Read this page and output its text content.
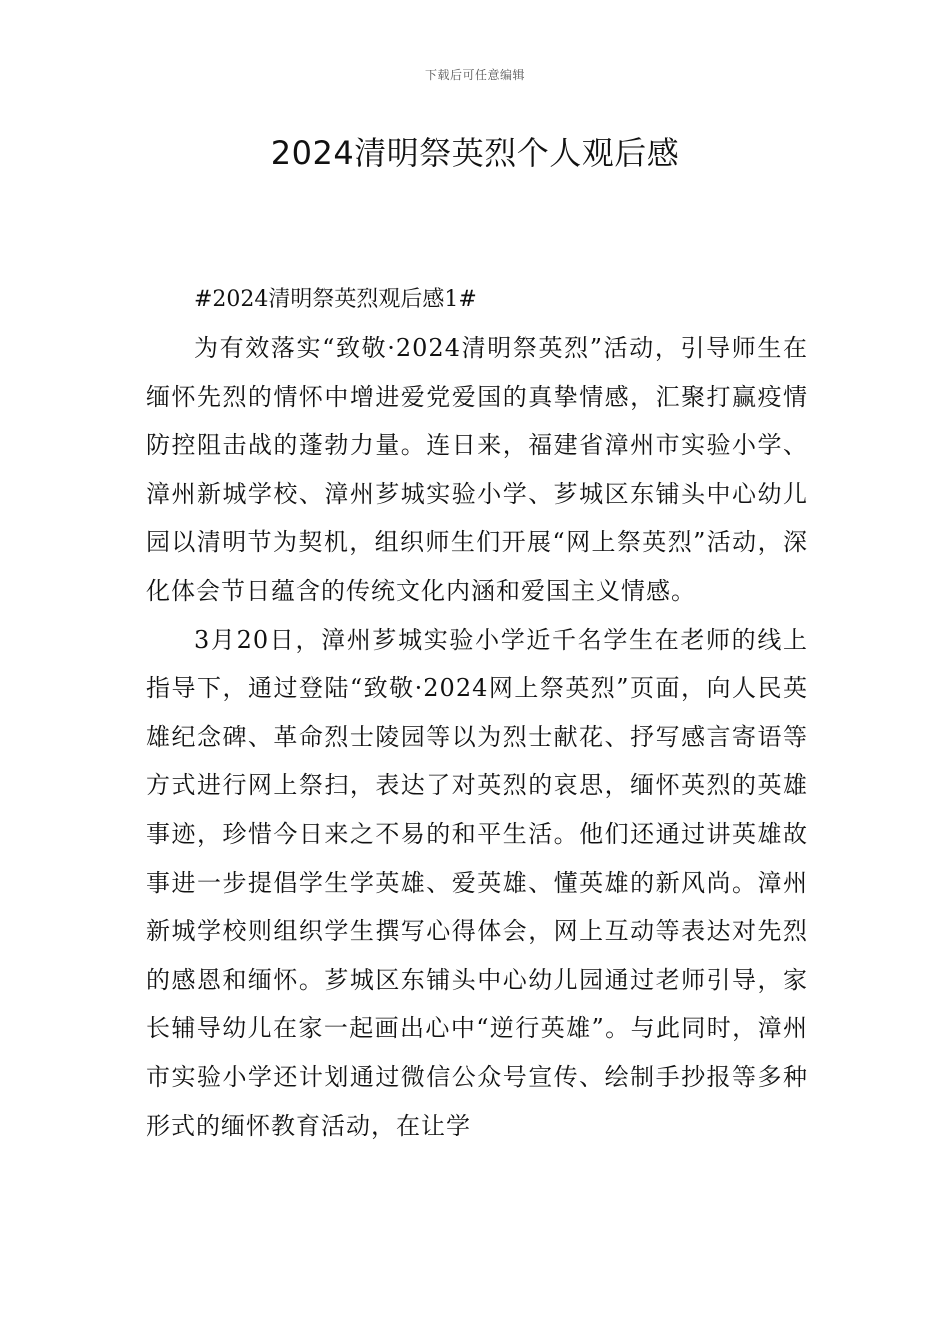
下载后可任意编辑
2024清明祭英烈个人观后感

#2024清明祭英烈观后感1#

为有效落实“致敬·2024清明祭英烈”活动，引导师生在缅怀先烈的情怀中增进爱党爱国的真挚情感，汇聚打赢疫情防控阻击战的蓬勃力量。连日来，福建省漳州市实验小学、漳州新城学校、漳州芗城实验小学、芗城区东铺头中心幼儿园以清明节为契机，组织师生们开展“网上祭英烈”活动，深化体会节日蕴含的传统文化内涵和爱国主义情感。

3月20日，漳州芗城实验小学近千名学生在老师的线上指导下，通过登陆“致敬·2024网上祭英烈”页面，向人民英雄纪念碑、革命烈士陵园等以为烈士献花、抒写感言寄语等方式进行网上祭扫，表达了对英烈的哀思，缅怀英烈的英雄事迹，珍惜今日来之不易的和平生活。他们还通过讲英雄故事进一步提倡学生学英雄、爱英雄、懂英雄的新风尚。漳州新城学校则组织学生撰写心得体会，网上互动等表达对先烈的感恩和缅怀。芗城区东铺头中心幼儿园通过老师引导，家长辅导幼儿在家一起画出心中“逆行英雄”。与此同时，漳州市实验小学还计划通过微信公众号宣传、绘制手抄报等多种形式的缅怀教育活动，在让学
